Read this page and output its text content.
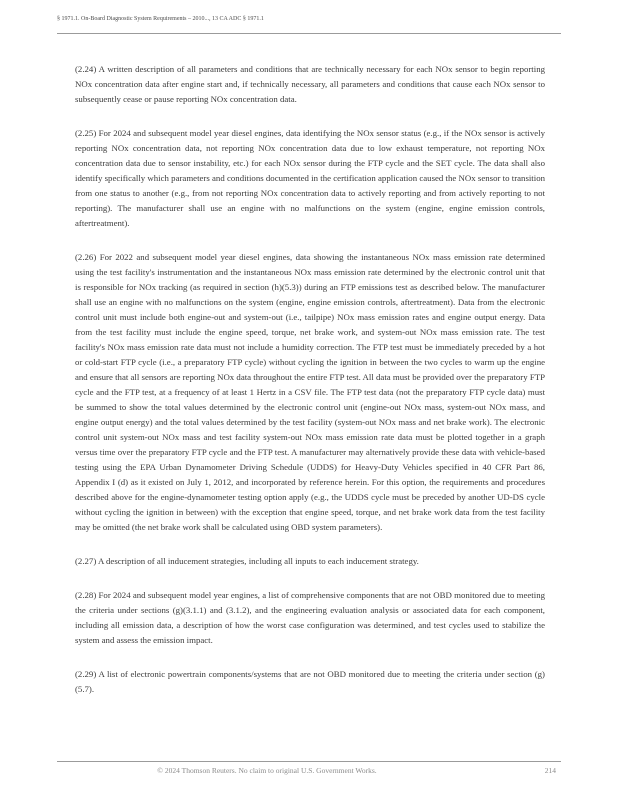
§ 1971.1. On-Board Diagnostic System Requirements – 2010..., 13 CA ADC § 1971.1

(2.24) A written description of all parameters and conditions that are technically necessary for each NOx sensor to begin reporting NOx concentration data after engine start and, if technically necessary, all parameters and conditions that cause each NOx sensor to subsequently cease or pause reporting NOx concentration data.

(2.25) For 2024 and subsequent model year diesel engines, data identifying the NOx sensor status (e.g., if the NOx sensor is actively reporting NOx concentration data, not reporting NOx concentration data due to low exhaust temperature, not reporting NOx concentration data due to sensor instability, etc.) for each NOx sensor during the FTP cycle and the SET cycle. The data shall also identify specifically which parameters and conditions documented in the certification application caused the NOx sensor to transition from one status to another (e.g., from not reporting NOx concentration data to actively reporting and from actively reporting to not reporting). The manufacturer shall use an engine with no malfunctions on the system (engine, engine emission controls, aftertreatment).

(2.26) For 2022 and subsequent model year diesel engines, data showing the instantaneous NOx mass emission rate determined using the test facility's instrumentation and the instantaneous NOx mass emission rate determined by the electronic control unit that is responsible for NOx tracking (as required in section (h)(5.3)) during an FTP emissions test as described below. The manufacturer shall use an engine with no malfunctions on the system (engine, engine emission controls, aftertreatment). Data from the electronic control unit must include both engine-out and system-out (i.e., tailpipe) NOx mass emission rates and engine output energy. Data from the test facility must include the engine speed, torque, net brake work, and system-out NOx mass emission rate. The test facility's NOx mass emission rate data must not include a humidity correction. The FTP test must be immediately preceded by a hot or cold-start FTP cycle (i.e., a preparatory FTP cycle) without cycling the ignition in between the two cycles to warm up the engine and ensure that all sensors are reporting NOx data throughout the entire FTP test. All data must be provided over the preparatory FTP cycle and the FTP test, at a frequency of at least 1 Hertz in a CSV file. The FTP test data (not the preparatory FTP cycle data) must be summed to show the total values determined by the electronic control unit (engine-out NOx mass, system-out NOx mass, and engine output energy) and the total values determined by the test facility (system-out NOx mass and net brake work). The electronic control unit system-out NOx mass and test facility system-out NOx mass emission rate data must be plotted together in a graph versus time over the preparatory FTP cycle and the FTP test. A manufacturer may alternatively provide these data with vehicle-based testing using the EPA Urban Dynamometer Driving Schedule (UDDS) for Heavy-Duty Vehicles specified in 40 CFR Part 86, Appendix I (d) as it existed on July 1, 2012, and incorporated by reference herein. For this option, the requirements and procedures described above for the engine-dynamometer testing option apply (e.g., the UDDS cycle must be preceded by another UD-DS cycle without cycling the ignition in between) with the exception that engine speed, torque, and net brake work data from the test facility may be omitted (the net brake work shall be calculated using OBD system parameters).

(2.27) A description of all inducement strategies, including all inputs to each inducement strategy.

(2.28) For 2024 and subsequent model year engines, a list of comprehensive components that are not OBD monitored due to meeting the criteria under sections (g)(3.1.1) and (3.1.2), and the engineering evaluation analysis or associated data for each component, including all emission data, a description of how the worst case configuration was determined, and test cycles used to stabilize the system and assess the emission impact.

(2.29) A list of electronic powertrain components/systems that are not OBD monitored due to meeting the criteria under section (g)(5.7).

© 2024 Thomson Reuters. No claim to original U.S. Government Works.	214
